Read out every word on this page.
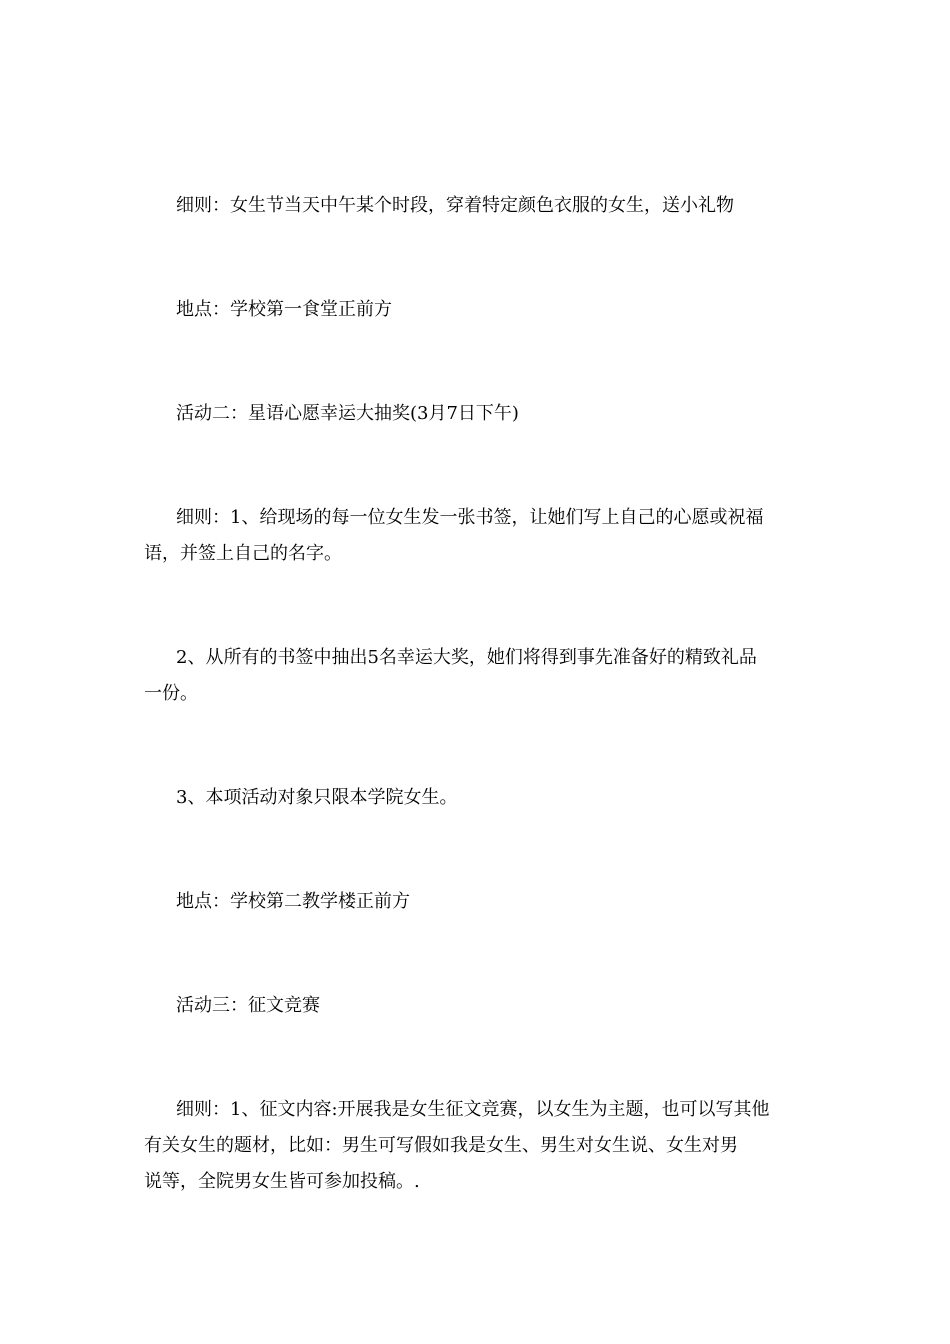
细则：女生节当天中午某个时段，穿着特定颜色衣服的女生，送小礼物

地点：学校第一食堂正前方

活动二：星语心愿幸运大抽奖(3月7日下午)

细则：1、给现场的每一位女生发一张书签，让她们写上自己的心愿或祝福
语，并签上自己的名字。

2、从所有的书签中抽出5名幸运大奖，她们将得到事先准备好的精致礼品
一份。

3、本项活动对象只限本学院女生。

地点：学校第二教学楼正前方

活动三：征文竞赛

细则：1、征文内容:开展我是女生征文竞赛，以女生为主题，也可以写其他
有关女生的题材，比如：男生可写假如我是女生、男生对女生说、女生对男
说等，全院男女生皆可参加投稿。.
